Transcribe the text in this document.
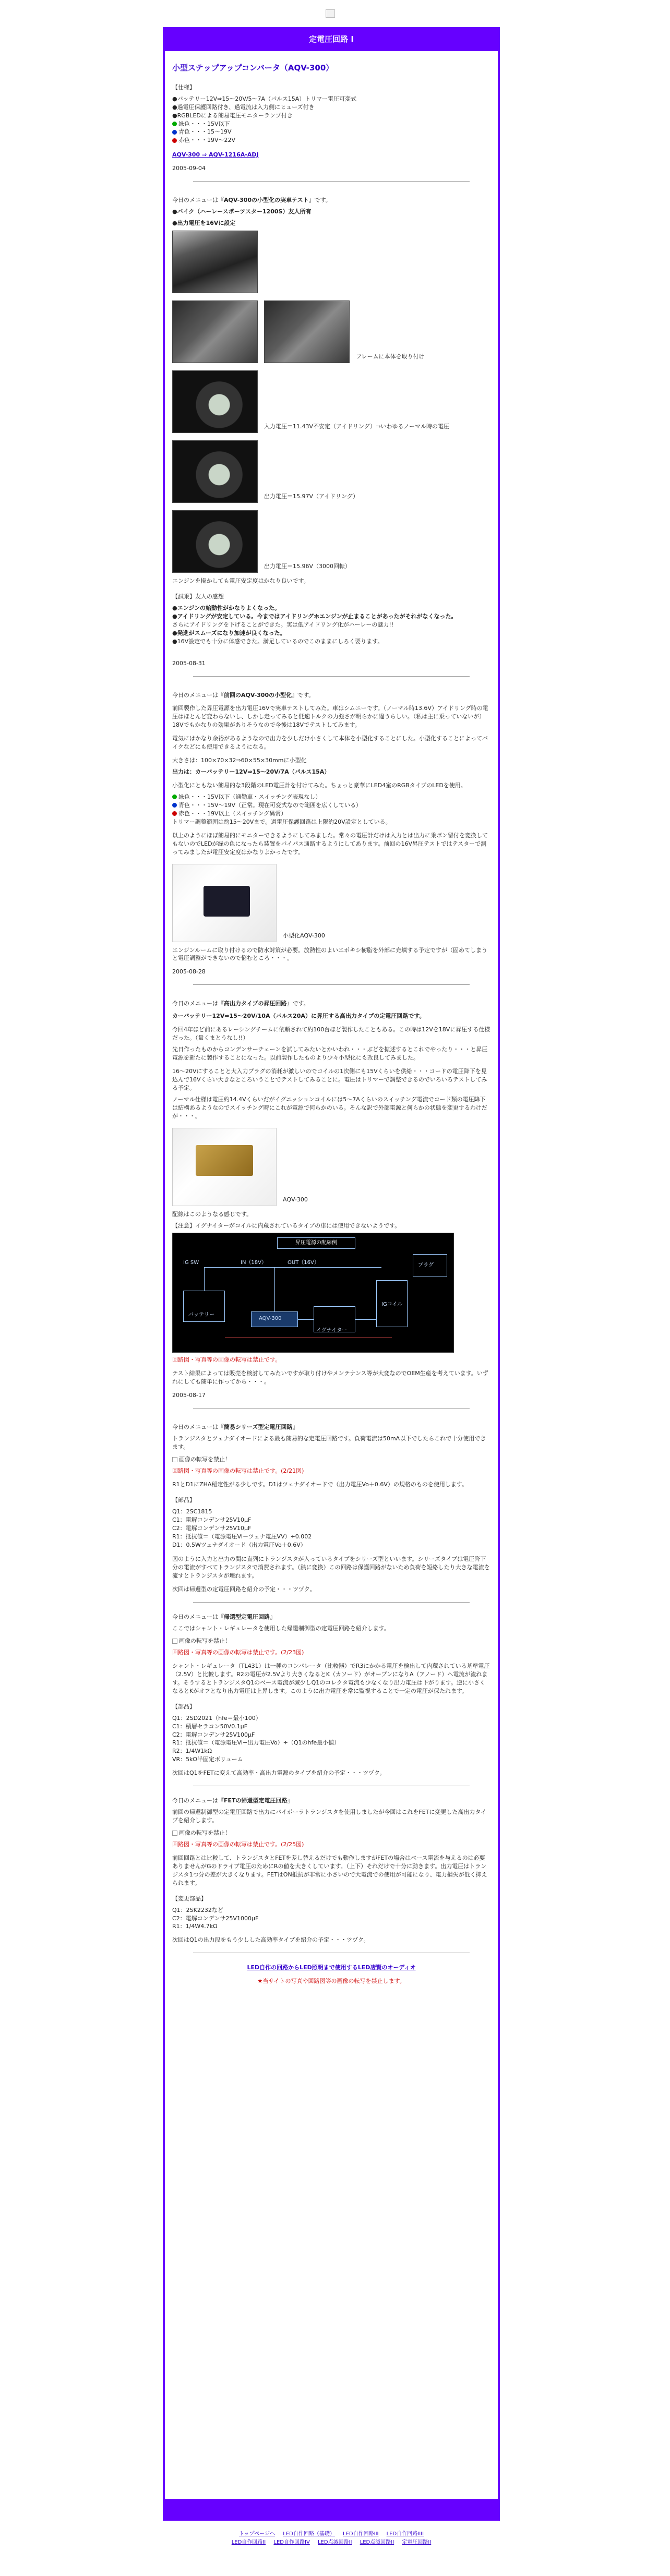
定電圧回路 I
小型ステップアップコンバータ（AQV-300）

【仕様】

●バッテリー12V⇒15〜20V/5〜7A（パルス15A）トリマー電圧可変式
●過電圧保護回路付き、過電流は入力側にヒューズ付き
●RGBLEDによる簡易電圧モニターランプ付き
緑色・・・15V以下
青色・・・15〜19V
赤色・・・19V〜22V

AQV-300 ⇒ AQV-1216A-ADJ

2005-09-04

今日のメニューは『AQV-300の小型化の実車テスト』です。

●バイク（ハーレースポーツスター1200S）友人所有

●出力電圧を16Vに設定

フレームに本体を取り付け
入力電圧＝11.43V不安定（アイドリング）⇒いわゆるノーマル時の電圧
出力電圧＝15.97V（アイドリング）
出力電圧＝15.96V（3000回転）

エンジンを掛かしても電圧安定度はかなり良いです。

【試乗】友人の感想

●エンジンの始動性がかなりよくなった。
●アイドリングが安定している。今まではアイドリングホエンジンが止まることがあったがそれがなくなった。
さらにアイドリングを下げることができた。実は低アイドリング化がハーレーの魅力!!
●発進がスムーズになり加速が良くなった。
●16V設定でも十分に体感できた。満足しているのでこのままにしろく要ります。

2005-08-31

今日のメニューは『前回のAQV-300の小型化』です。

前回製作した昇圧電源を出力電圧16Vで実車テストしてみた。車はシムニーです。（ノーマル時13.6V）アイドリング時の電圧はほとんど変わらないし、しかし走ってみると低速トルクの力強さが明らかに違うらしい。（私は主に乗っていないが）18Vでもかなりの効果がありそうなので今後は18Vでテストしてみます。

電気にはかなり余裕があるようなので出力を少しだけ小さくして本体を小型化することにした。小型化することによってバイクなどにも使用できるようになる。

大きさは：100×70×32⇒60×55×30mmに小型化

出力は：カーバッテリー12V⇒15〜20V/7A（パルス15A）

小型化にともない簡易的な3段階のLED電圧計を付けてみた。ちょっと豪華にLED4室のRGBタイプのLEDを使用。

緑色・・・15V以下（通勤車・スイッチング表現なし）
青色・・・15V〜19V（正常。現在可変式なので範囲を広くしている）
赤色・・・19V以上（スイッチング異常）
トリマー調整範囲は約15〜20Vまで。過電圧保護回路は上限約20V設定としている。

以上のようにほぼ簡易的にモニターできるようにしてみました。常々の電圧計だけは入力とは出力に乗ボン留付を変換してもないのでLEDが緑の色になったら装置をバイパス通路するようにしてあります。前回の16V昇圧テストではテスターで測ってみましたが電圧安定度はかなりよかったです。

小型化AQV-300

エンジンルームに取り付けるので防水対策が必要。放熱性のよいエポキシ樹脂を外部に充填する予定ですが（固めてしまうと電圧調整ができないので悩むところ・・・。

2005-08-28

今日のメニューは『高出力タイプの昇圧回路』です。

カーバッテリー12V⇒15〜20V/10A（パルス20A）に昇圧する高出力タイプの定電圧回路です。

今回4年ほど前にあるレーシングチームに依頼されて約100台ほど製作したこともある。この時は12Vを18Vに昇圧する仕様だった。（量くまとうなし!!）

先日作ったものからコンデンサーチェーンを試してみたいとかいわれ・・・ぶどを拡述するとこれでやったり・・・と昇圧電源を新たに製作することになった。以前製作したものより少々小型化にも改良してみました。

16〜20Vにすることと大入力プラグの消耗が激しいのでコイルの1次側にも15Vくらいを供給・・・コードの電圧降下を見込んで16Vくらい大きなところいうことでテストしてみることに。電圧はトリマーで調整できるのでいろいろテストしてみる予定。

ノーマル仕様は電圧約14.4Vくらいだがイグニッションコイルには5〜7Aくらいのスイッチング電流でコード類の電圧降下は結構あるようなのでスイッチング時にこれが電源で何らかのいる。そんな訳で外部電源と何らかの状態を変更するわけだが・・・。

AQV-300

配線はこのようなる感じです。

【注意】イグナイターがコイルに内蔵されているタイプの車には使用できないようです。

昇圧電源の配線例
IG SW	IN（18V）	OUT（16V）
バッテリー
AQV-300
イグナイター
IGコイル
プラグ

回路図・写真等の画像の転写は禁止です。

テスト結果によっては販売を検討してみたいですが取り付けやメンテナンス等が大変なのでOEM生産を考えています。いずれにしても簡単に作ってから・・・。

2005-08-17

今日のメニューは『簡易シリーズ型定電圧回路』

トランジスタとツェナダイオードによる最も簡易的な定電圧回路です。負荷電流は50mA以下でしたらこれで十分使用できます。

画像の転写を禁止！

回路図・写真等の画像の転写は禁止です。(2/21図)

R1とD1にZHA稲定性がる少しです。D1はツェナダイオードで（出力電圧Vo＋0.6V）の規格のものを使用します。

【部品】

Q1：2SC1815
C1：電解コンデンサ25V10μF
C2：電解コンデンサ25V10μF
R1：抵抗値＝（電源電圧Vi－ツェナ電圧VV）÷0.002
D1：0.5Wツェナダイオード（出力電圧Vo＋0.6V）

図のように入力と出力の間に直列にトランジスタが入っているタイプをシリーズ型といいます。シリーズタイプは電圧降下分の電流がすべてトランジスタで消費されます。（熱に変換）この回路は保護回路がないため負荷を短絡したり大きな電流を流すとトランジスタが壊れます。

次回は帰還型の定電圧回路を紹介の予定・・・ツヅク。

今日のメニューは『帰還型定電圧回路』

ここではシャント・レギュレータを使用した帰還制御型の定電圧回路を紹介します。

画像の転写を禁止！

回路図・写真等の画像の転写は禁止です。(2/23図)

シャント・レギュレータ（TL431）は一種のコンパレータ（比較器）でR3にかかる電圧を検出して内蔵されている基準電圧（2.5V）と比較します。R2の電圧が2.5Vより大きくなるとK（カソード）がオープンになりA（アノード）へ電流が流れます。そうするとトランジスタQ1のベース電流が減少しQ1のコレクタ電流も少なくなり出力電圧は下がります。逆に小さくなるとKがオフとなり出力電圧は上昇します。このように出力電圧を常に監視することで一定の電圧が保たれます。

【部品】

Q1：2SD2021（hfe＝最小100）
C1：積層セラコン50V0.1μF
C2：電解コンデンサ25V100μF
R1：抵抗値＝（電源電圧Vi−出力電圧Vo）÷（Q1のhfe最小値）
R2：1/4W1kΩ
VR：5kΩ半固定ボリューム

次回はQ1をFETに変えて高効率・高出力電源のタイプを紹介の予定・・・ツヅク。

今日のメニューは『FETの帰還型定電圧回路』

前回の帰還制御型の定電圧回路で出力にパイポーラトランジスタを使用しましたが今回はこれをFETに変更した高出力タイプを紹介します。

画像の転写を禁止！

回路図・写真等の画像の転写は禁止です。(2/25図)

前回回路とは比較して、トランジスタとFETを差し替えるだけでも動作しますがFETの場合はベース電流を与えるのは必要ありませんがGのドライブ電圧のためにRの値を大きくしています。（上下）それだけで十分に動きます。出力電圧はトランジスタ1つ分の差が大きくなります。FETはON抵抗が非常に小さいので大電流での使用が可能になり、電力損失が低く抑えられます。

【変更部品】

Q1：2SK2232など
C2：電解コンデンサ25V1000μF
R1：1/4W4.7kΩ

次回はQ1の出力段をもう少しした高効率タイプを紹介の予定・・・ツヅク。

LED自作の回路からLED照明まで使用するLED凄賢のオーディオ

★当サイトの写真や回路図等の画像の転写を禁止します。

トップページへ LED自作回路（基礎） LED自作回路III LED自作回路IIII
LED自作回路II LED自作回路IV LED点滅回路II LED点滅回路II 定電圧回路II
